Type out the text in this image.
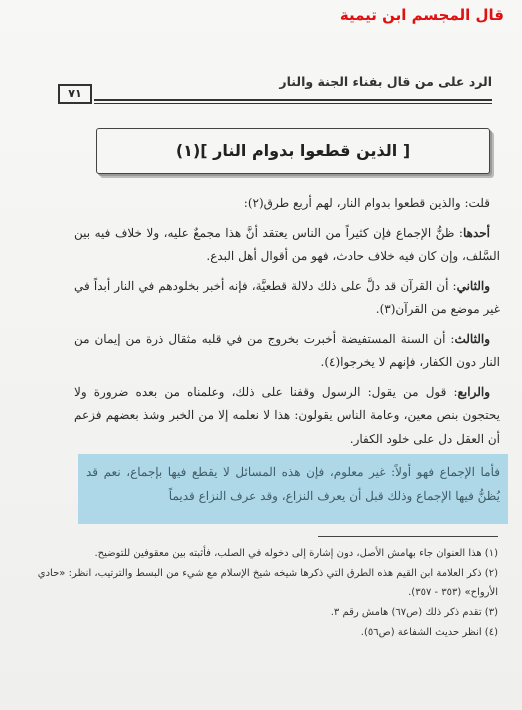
قال المجسم ابن تيمية
الرد على من قال بفناء الجنة والنار
٧١
[ الذين قطعوا بدوام النار ](١)

قلت: والذين قطعوا بدوام النار، لهم أربع طرق(٢):

أحدها: ظنُّ الإجماع فإن كثيراً من الناس يعتقد أنَّ هذا مجمعٌ عليه، ولا خلاف فيه بين السَّلف، وإن كان فيه خلاف حادث، فهو من أقوال أهل البدع.

والثاني: أن القرآن قد دلَّ على ذلك دلالة قطعيَّة، فإنه أخبر بخلودهم في النار أبداً في غير موضع من القرآن(٣).

والثالث: أن السنة المستفيضة أخبرت بخروج من في قلبه مثقال ذرة من إيمان من النار دون الكفار، فإنهم لا يخرجوا(٤).

والرابع: قول من يقول: الرسول وقفنا على ذلك، وعلمناه من بعده ضرورة ولا يحتجون بنص معين، وعامة الناس يقولون: هذا لا نعلمه إلا من الخبر وشذ بعضهم فزعم أن العقل دل على خلود الكفار.

فأما الإجماع فهو أولاً: غير معلوم، فإن هذه المسائل لا يقطع فيها بإجماع، نعم قد يُظنُّ فيها الإجماع وذلك قبل أن يعرف النزاع، وقد عرف النزاع قديماً

(١) هذا العنوان جاء بهامش الأصل، دون إشارة إلى دخوله في الصلب، فأثبته بين معقوفين للتوضيح.

(٢) ذكر العلامة ابن القيم هذه الطرق التي ذكرها شيخه شيخ الإسلام مع شيء من البسط والترتيب، انظر: «حادي الأرواح» (٣٥٣ - ٣٥٧).

(٣) تقدم ذكر ذلك (ص٦٧) هامش رقم ٣.

(٤) انظر حديث الشفاعة (ص٥٦).
